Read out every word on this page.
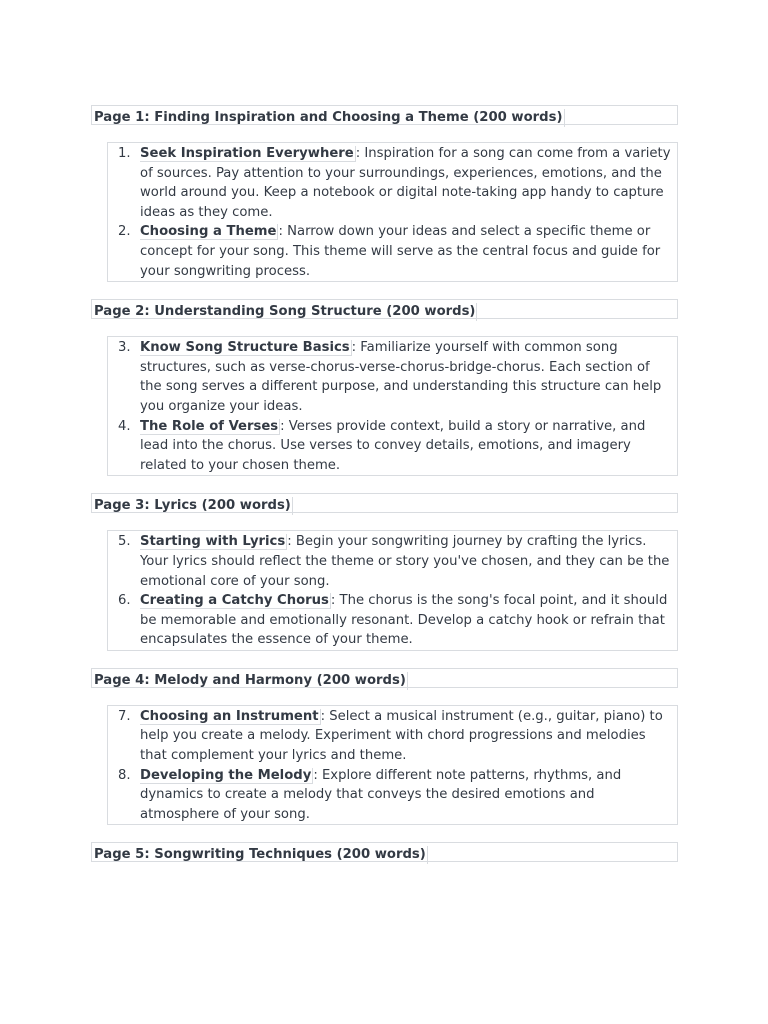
Page 1: Finding Inspiration and Choosing a Theme (200 words)
1. Seek Inspiration Everywhere : Inspiration for a song can come from a variety of sources. Pay attention to your surroundings, experiences, emotions, and the world around you. Keep a notebook or digital note-taking app handy to capture ideas as they come.
2. Choosing a Theme : Narrow down your ideas and select a specific theme or concept for your song. This theme will serve as the central focus and guide for your songwriting process.
Page 2: Understanding Song Structure (200 words)
3. Know Song Structure Basics : Familiarize yourself with common song structures, such as verse-chorus-verse-chorus-bridge-chorus. Each section of the song serves a different purpose, and understanding this structure can help you organize your ideas.
4. The Role of Verses : Verses provide context, build a story or narrative, and lead into the chorus. Use verses to convey details, emotions, and imagery related to your chosen theme.
Page 3: Lyrics (200 words)
5. Starting with Lyrics : Begin your songwriting journey by crafting the lyrics. Your lyrics should reflect the theme or story you've chosen, and they can be the emotional core of your song.
6. Creating a Catchy Chorus : The chorus is the song's focal point, and it should be memorable and emotionally resonant. Develop a catchy hook or refrain that encapsulates the essence of your theme.
Page 4: Melody and Harmony (200 words)
7. Choosing an Instrument : Select a musical instrument (e.g., guitar, piano) to help you create a melody. Experiment with chord progressions and melodies that complement your lyrics and theme.
8. Developing the Melody : Explore different note patterns, rhythms, and dynamics to create a melody that conveys the desired emotions and atmosphere of your song.
Page 5: Songwriting Techniques (200 words)
